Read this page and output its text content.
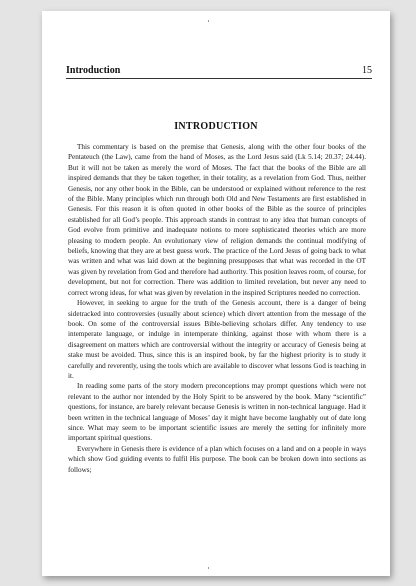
Introduction	15
INTRODUCTION

This commentary is based on the premise that Genesis, along with the other four books of the Pentateuch (the Law), came from the hand of Moses, as the Lord Jesus said (Lk 5.14; 20.37; 24.44). But it will not be taken as merely the word of Moses. The fact that the books of the Bible are all inspired demands that they be taken together, in their totality, as a revelation from God. Thus, neither Genesis, nor any other book in the Bible, can be understood or explained without reference to the rest of the Bible. Many principles which run through both Old and New Testaments are first established in Genesis. For this reason it is often quoted in other books of the Bible as the source of principles established for all God’s people. This approach stands in contrast to any idea that human concepts of God evolve from primitive and inadequate notions to more sophisticated theories which are more pleasing to modern people. An evolutionary view of religion demands the continual modifying of beliefs, knowing that they are at best guess work. The practice of the Lord Jesus of going back to what was written and what was laid down at the beginning presupposes that what was recorded in the OT was given by revelation from God and therefore had authority. This position leaves room, of course, for development, but not for correction. There was addition to limited revelation, but never any need to correct wrong ideas, for what was given by revelation in the inspired Scriptures needed no correction.

However, in seeking to argue for the truth of the Genesis account, there is a danger of being sidetracked into controversies (usually about science) which divert attention from the message of the book. On some of the controversial issues Bible-believing scholars differ. Any tendency to use intemperate language, or indulge in intemperate thinking, against those with whom there is a disagreement on matters which are controversial without the integrity or accuracy of Genesis being at stake must be avoided. Thus, since this is an inspired book, by far the highest priority is to study it carefully and reverently, using the tools which are available to discover what lessons God is teaching in it.

In reading some parts of the story modern preconceptions may prompt questions which were not relevant to the author nor intended by the Holy Spirit to be answered by the book. Many “scientific” questions, for instance, are barely relevant because Genesis is written in non-technical language. Had it been written in the technical language of Moses’ day it might have become laughably out of date long since. What may seem to be important scientific issues are merely the setting for infinitely more important spiritual questions.

Everywhere in Genesis there is evidence of a plan which focuses on a land and on a people in ways which show God guiding events to fulfil His purpose. The book can be broken down into sections as follows;
